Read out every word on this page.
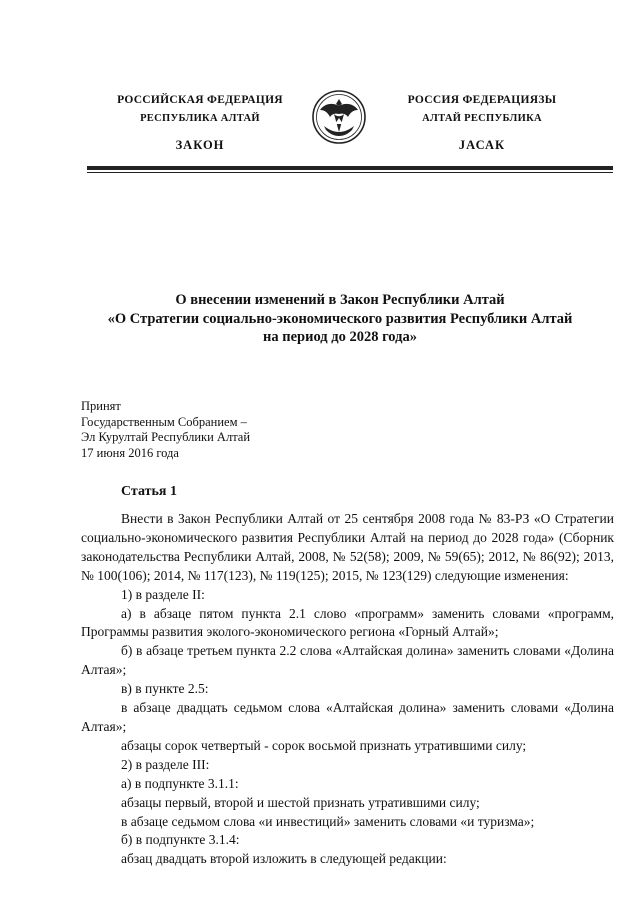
РОССИЙСКАЯ ФЕДЕРАЦИЯ
РЕСПУБЛИКА АЛТАЙ
ЗАКОН
РОССИЯ ФЕДЕРАЦИЯЗЫ
АЛТАЙ РЕСПУБЛИКА
JАСАК
О внесении изменений в Закон Республики Алтай
«О Стратегии социально-экономического развития Республики Алтай
на период до 2028 года»
Принят
Государственным Собранием –
Эл Курултай Республики Алтай
17 июня 2016 года
Статья 1

Внести в Закон Республики Алтай от 25 сентября 2008 года № 83-РЗ «О Стратегии социально-экономического развития Республики Алтай на период до 2028 года» (Сборник законодательства Республики Алтай, 2008, № 52(58); 2009, № 59(65); 2012, № 86(92); 2013, № 100(106); 2014, № 117(123), № 119(125); 2015, № 123(129) следующие изменения:

1) в разделе II:

а) в абзаце пятом пункта 2.1 слово «программ» заменить словами «программ, Программы развития эколого-экономического региона «Горный Алтай»;

б) в абзаце третьем пункта 2.2 слова «Алтайская долина» заменить словами «Долина Алтая»;

в) в пункте 2.5:

в абзаце двадцать седьмом слова «Алтайская долина» заменить словами «Долина Алтая»;

абзацы сорок четвертый - сорок восьмой признать утратившими силу;

2) в разделе III:

а) в подпункте 3.1.1:

абзацы первый, второй и шестой признать утратившими силу;

в абзаце седьмом слова «и инвестиций» заменить словами «и туризма»;

б) в подпункте 3.1.4:

абзац двадцать второй изложить в следующей редакции:
